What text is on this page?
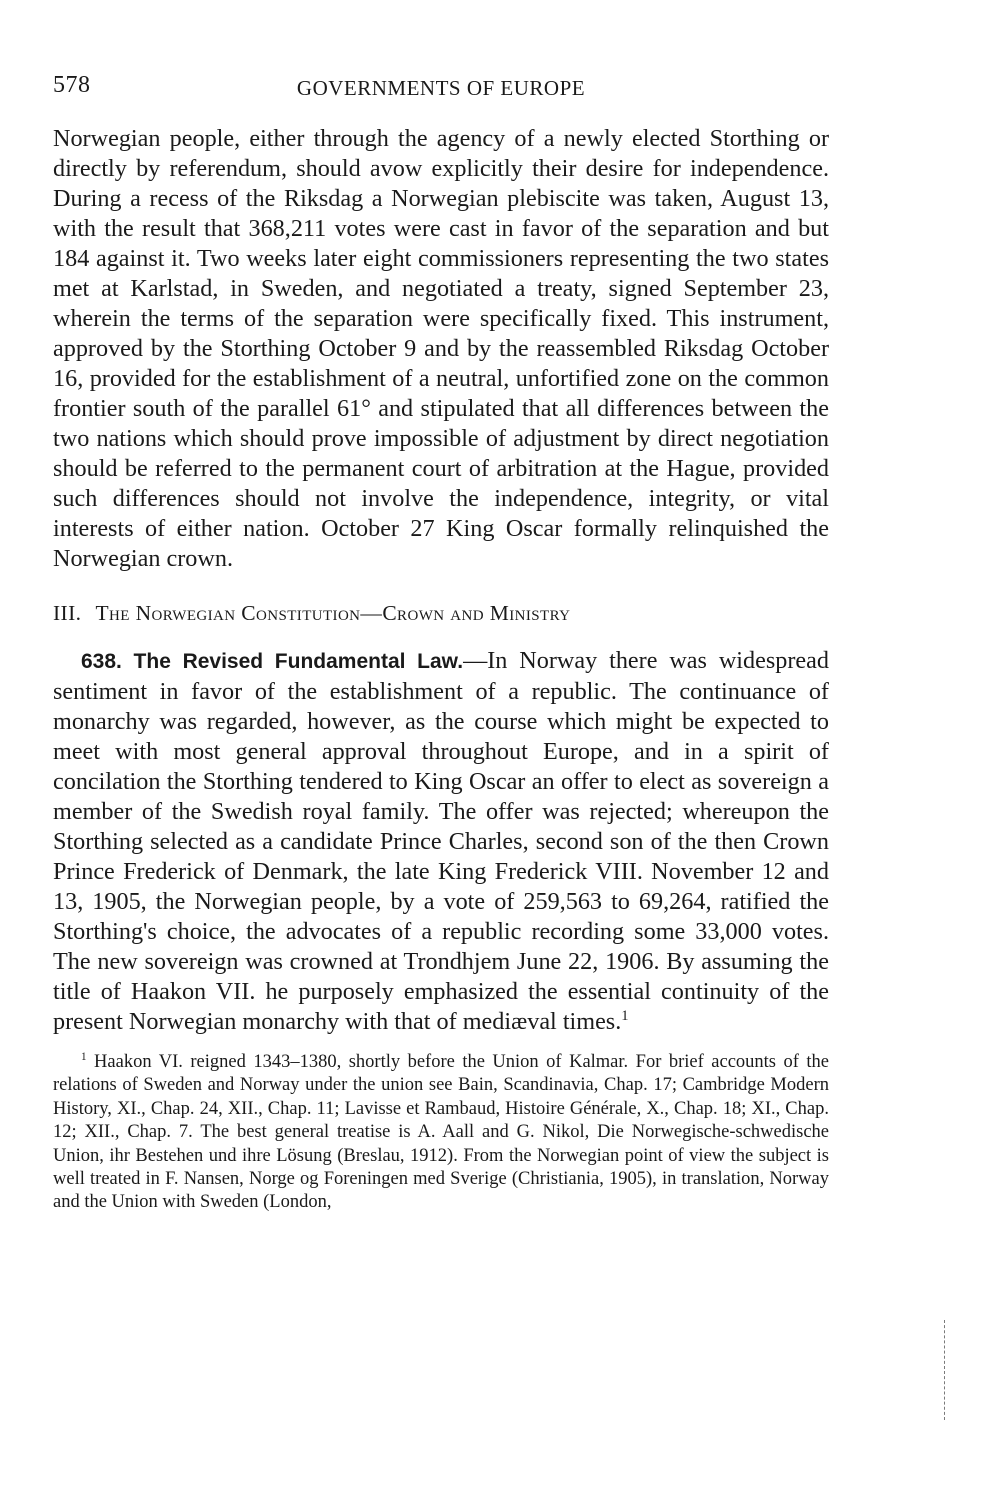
578	GOVERNMENTS OF EUROPE

Norwegian people, either through the agency of a newly elected Storthing or directly by referendum, should avow explicitly their desire for independence. During a recess of the Riksdag a Norwegian plebiscite was taken, August 13, with the result that 368,211 votes were cast in favor of the separation and but 184 against it. Two weeks later eight commissioners representing the two states met at Karlstad, in Sweden, and negotiated a treaty, signed September 23, wherein the terms of the separation were specifically fixed. This instrument, approved by the Storthing October 9 and by the reassembled Riksdag October 16, provided for the establishment of a neutral, unfortified zone on the common frontier south of the parallel 61° and stipulated that all differences between the two nations which should prove impossible of adjustment by direct negotiation should be referred to the permanent court of arbitration at the Hague, provided such differences should not involve the independence, integrity, or vital interests of either nation. October 27 King Oscar formally relinquished the Norwegian crown.

III. The Norwegian Constitution—Crown and Ministry

638. The Revised Fundamental Law.—In Norway there was widespread sentiment in favor of the establishment of a republic. The continuance of monarchy was regarded, however, as the course which might be expected to meet with most general approval throughout Europe, and in a spirit of concilation the Storthing tendered to King Oscar an offer to elect as sovereign a member of the Swedish royal family. The offer was rejected; whereupon the Storthing selected as a candidate Prince Charles, second son of the then Crown Prince Frederick of Denmark, the late King Frederick VIII. November 12 and 13, 1905, the Norwegian people, by a vote of 259,563 to 69,264, ratified the Storthing's choice, the advocates of a republic recording some 33,000 votes. The new sovereign was crowned at Trondhjem June 22, 1906. By assuming the title of Haakon VII. he purposely emphasized the essential continuity of the present Norwegian monarchy with that of mediæval times.$^1$

$^1$ Haakon VI. reigned 1343–1380, shortly before the Union of Kalmar. For brief accounts of the relations of Sweden and Norway under the union see Bain, Scandinavia, Chap. 17; Cambridge Modern History, XI., Chap. 24, XII., Chap. 11; Lavisse et Rambaud, Histoire Générale, X., Chap. 18; XI., Chap. 12; XII., Chap. 7. The best general treatise is A. Aall and G. Nikol, Die Norwegische-schwedische Union, ihr Bestehen und ihre Lösung (Breslau, 1912). From the Norwegian point of view the subject is well treated in F. Nansen, Norge og Foreningen med Sverige (Christiania, 1905), in translation, Norway and the Union with Sweden (London,
